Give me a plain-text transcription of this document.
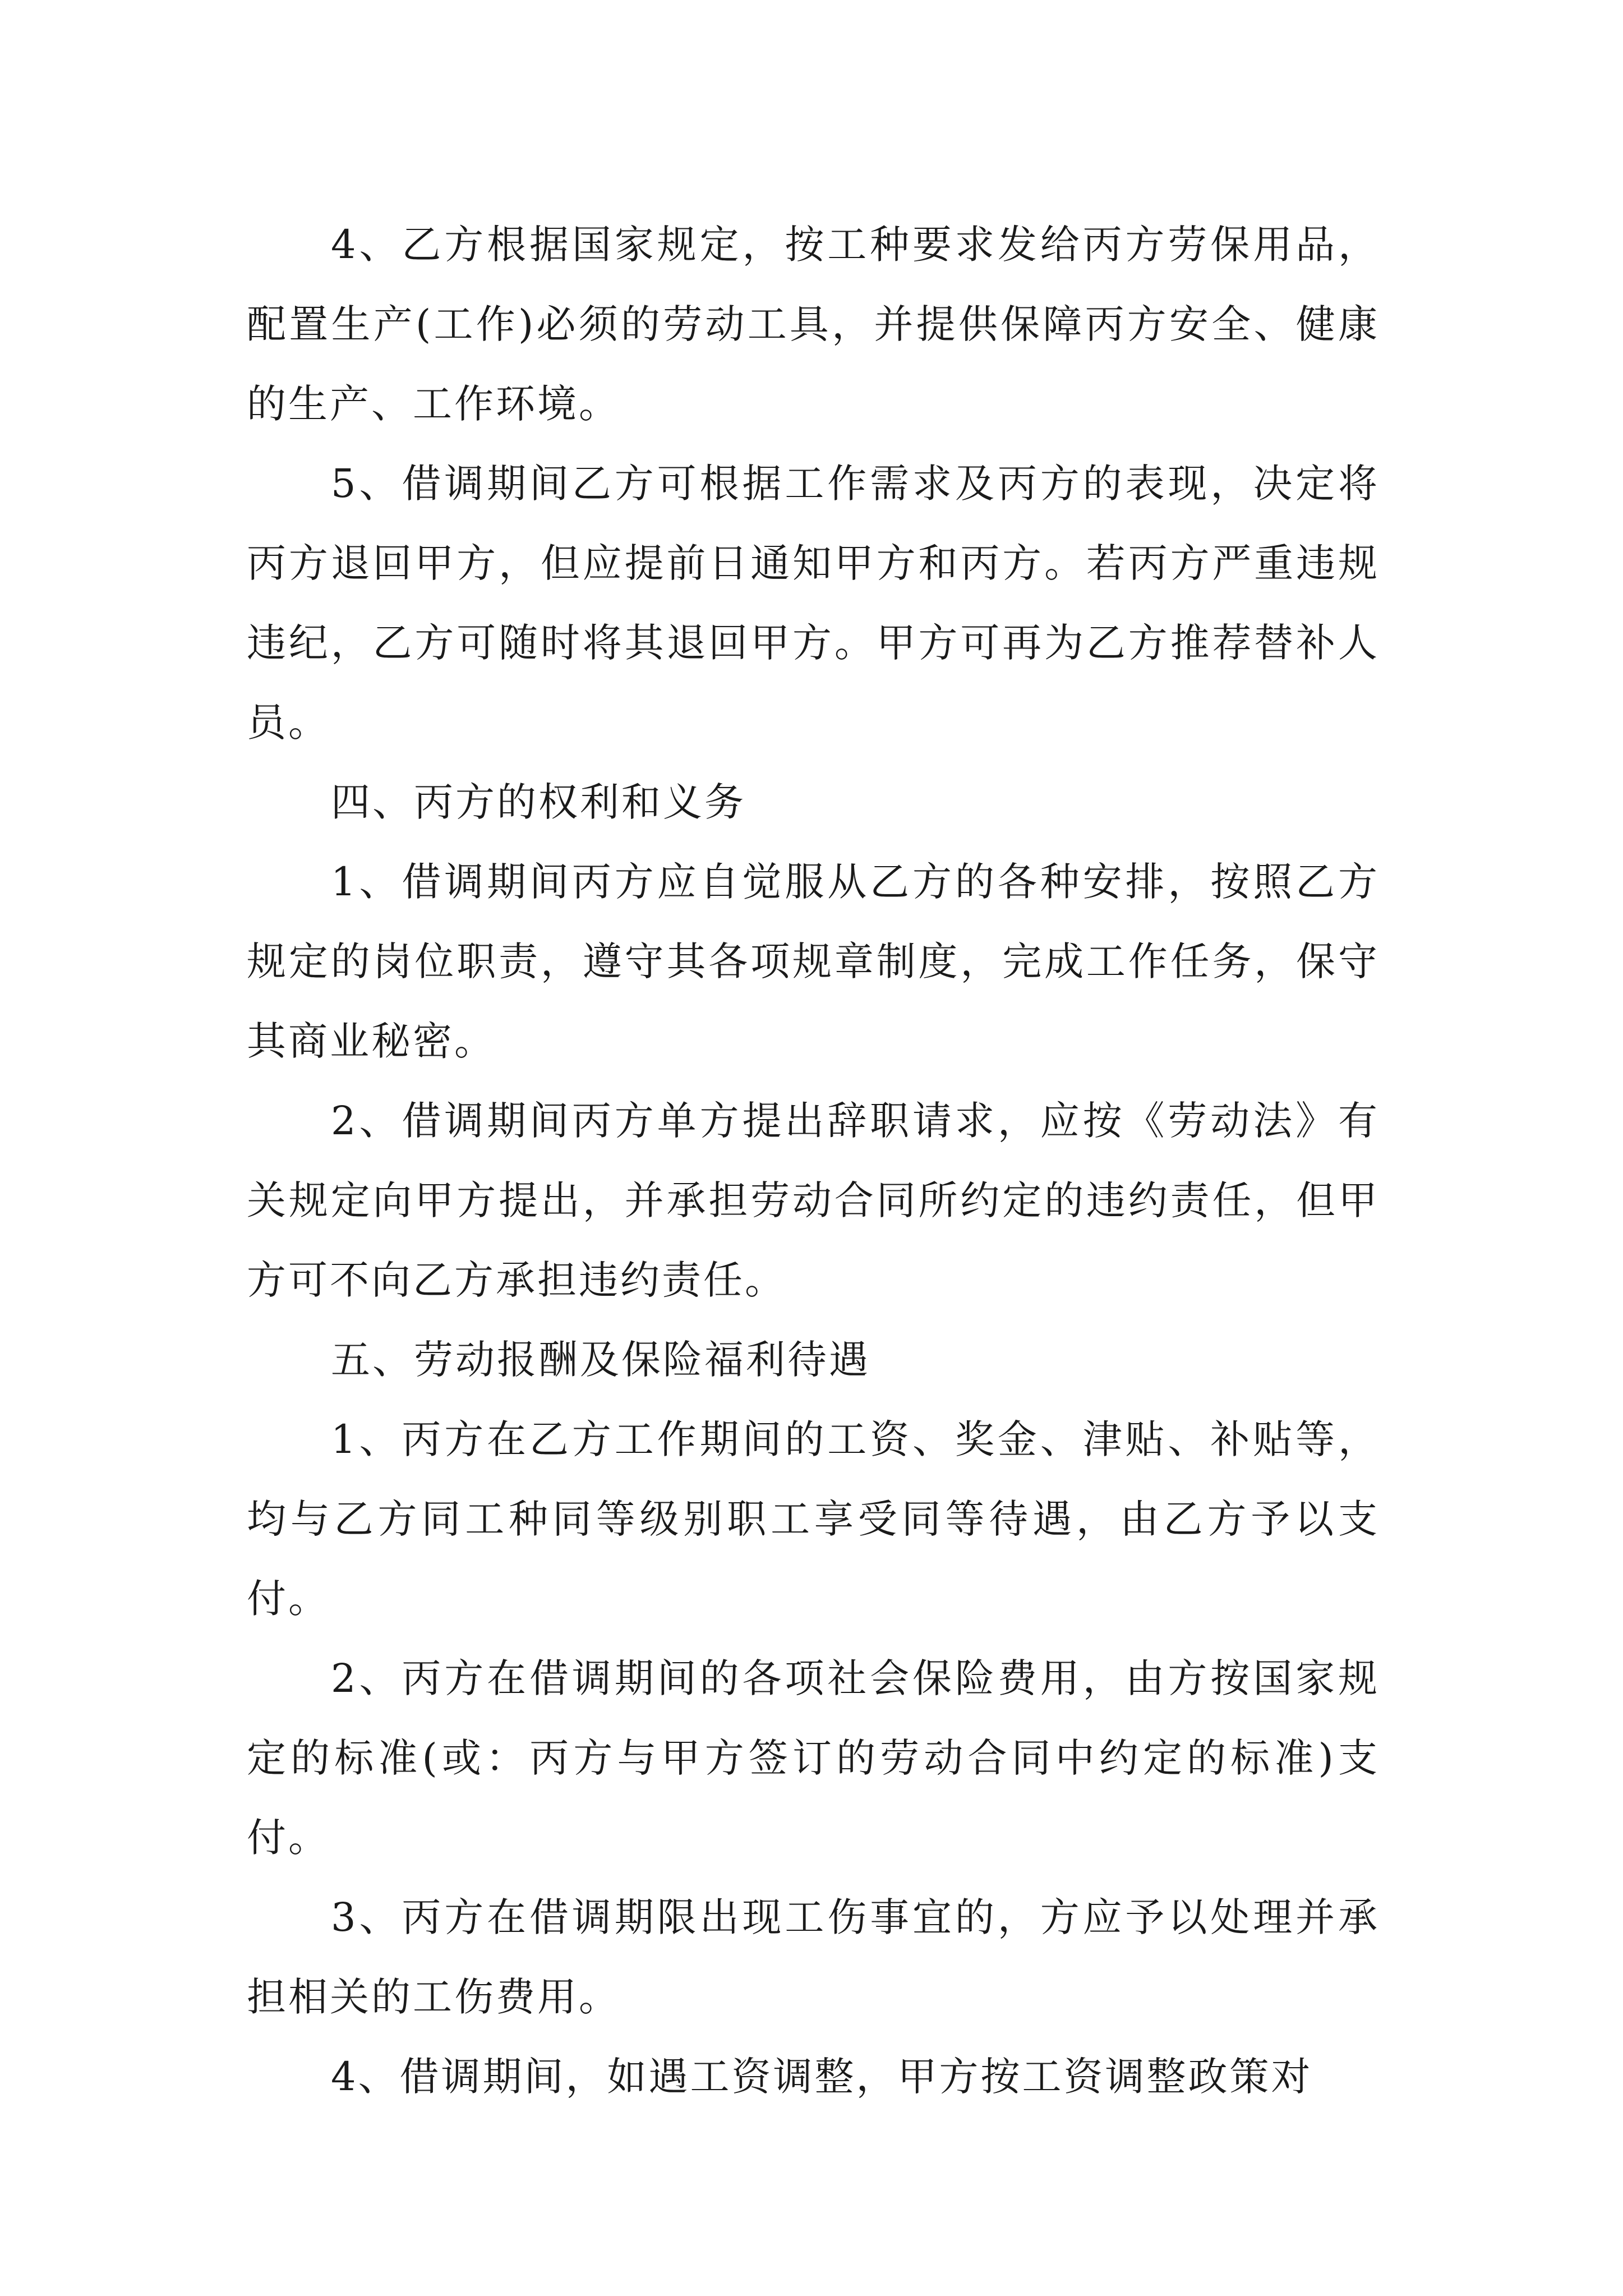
4、乙方根据国家规定，按工种要求发给丙方劳保用品，配置生产(工作)必须的劳动工具，并提供保障丙方安全、健康的生产、工作环境。

5、借调期间乙方可根据工作需求及丙方的表现，决定将丙方退回甲方，但应提前日通知甲方和丙方。若丙方严重违规违纪，乙方可随时将其退回甲方。甲方可再为乙方推荐替补人员。

四、丙方的权利和义务

1、借调期间丙方应自觉服从乙方的各种安排，按照乙方规定的岗位职责，遵守其各项规章制度，完成工作任务，保守其商业秘密。

2、借调期间丙方单方提出辞职请求，应按《劳动法》有关规定向甲方提出，并承担劳动合同所约定的违约责任，但甲方可不向乙方承担违约责任。

五、劳动报酬及保险福利待遇

1、丙方在乙方工作期间的工资、奖金、津贴、补贴等，均与乙方同工种同等级别职工享受同等待遇，由乙方予以支付。

2、丙方在借调期间的各项社会保险费用，由方按国家规定的标准(或：丙方与甲方签订的劳动合同中约定的标准)支付。

3、丙方在借调期限出现工伤事宜的，方应予以处理并承担相关的工伤费用。

4、借调期间，如遇工资调整，甲方按工资调整政策对
